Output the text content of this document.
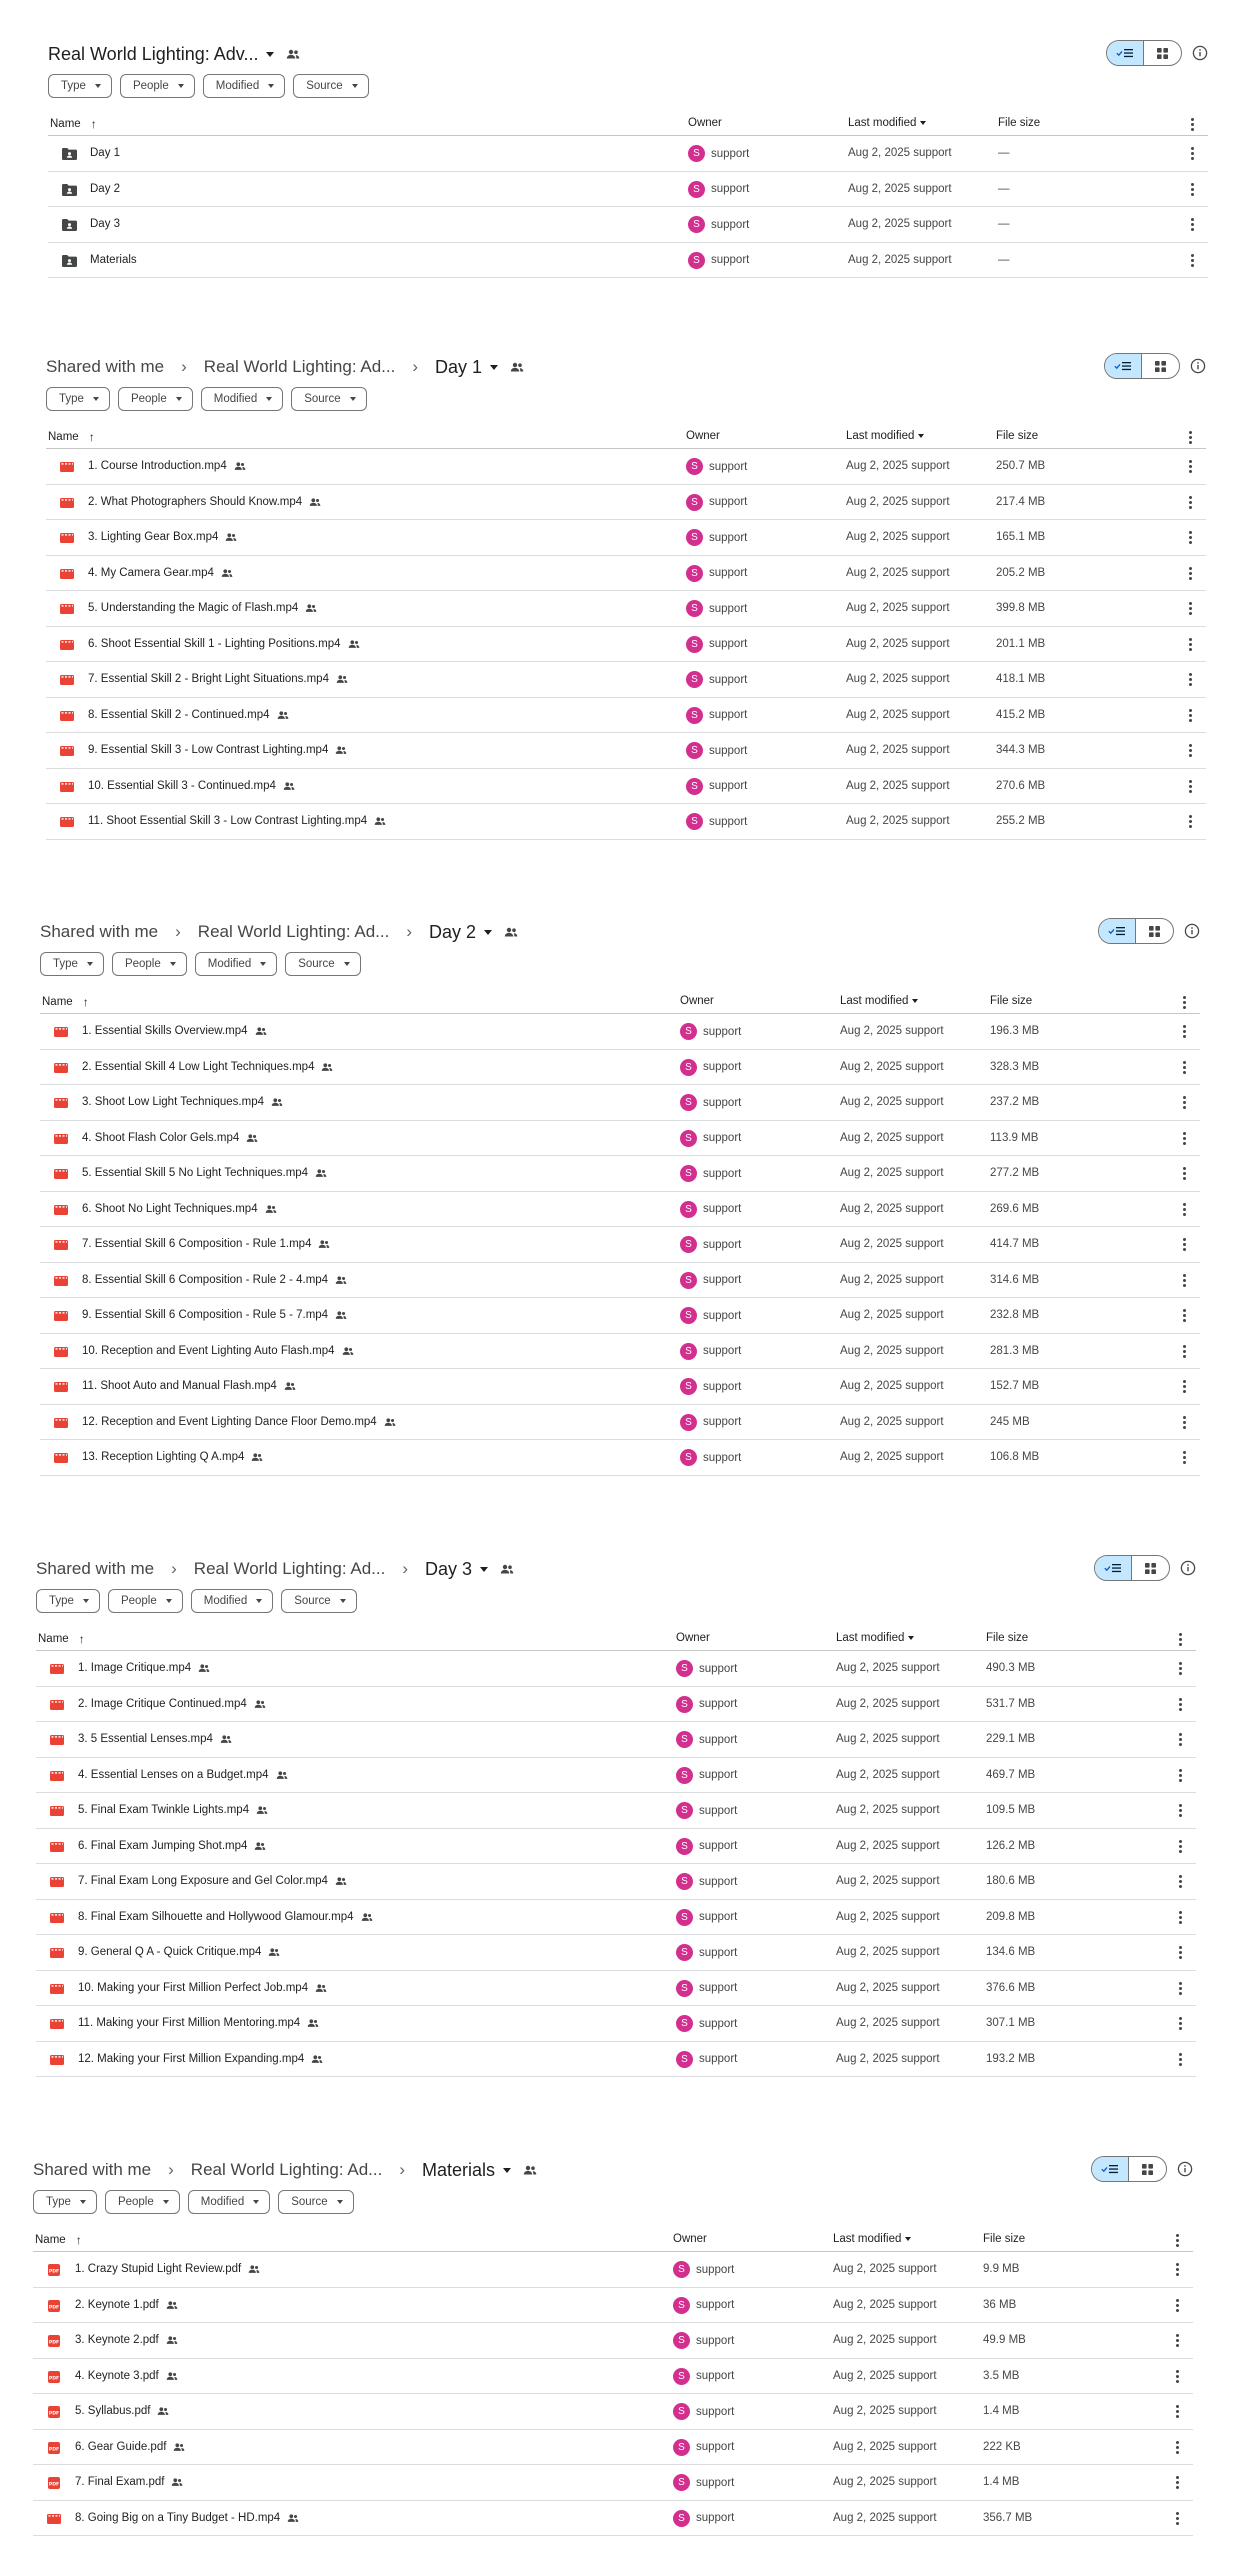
Real World Lighting: Adv...
Type	People	Modified	Source
Name ↑	Owner	Last modified	File size
Day 1	S support	Aug 2, 2025 support	—
Day 2	S support	Aug 2, 2025 support	—
Day 3	S support	Aug 2, 2025 support	—
Materials	S support	Aug 2, 2025 support	—
Shared with me › Real World Lighting: Ad... › Day 1
Type	People	Modified	Source
Name ↑	Owner	Last modified	File size
1. Course Introduction.mp4	S support	Aug 2, 2025 support	250.7 MB
2. What Photographers Should Know.mp4	S support	Aug 2, 2025 support	217.4 MB
3. Lighting Gear Box.mp4	S support	Aug 2, 2025 support	165.1 MB
4. My Camera Gear.mp4	S support	Aug 2, 2025 support	205.2 MB
5. Understanding the Magic of Flash.mp4	S support	Aug 2, 2025 support	399.8 MB
6. Shoot Essential Skill 1 - Lighting Positions.mp4	S support	Aug 2, 2025 support	201.1 MB
7. Essential Skill 2 - Bright Light Situations.mp4	S support	Aug 2, 2025 support	418.1 MB
8. Essential Skill 2 - Continued.mp4	S support	Aug 2, 2025 support	415.2 MB
9. Essential Skill 3 - Low Contrast Lighting.mp4	S support	Aug 2, 2025 support	344.3 MB
10. Essential Skill 3 - Continued.mp4	S support	Aug 2, 2025 support	270.6 MB
11. Shoot Essential Skill 3 - Low Contrast Lighting.mp4	S support	Aug 2, 2025 support	255.2 MB
Shared with me › Real World Lighting: Ad... › Day 2
Type	People	Modified	Source
Name ↑	Owner	Last modified	File size
1. Essential Skills Overview.mp4	S support	Aug 2, 2025 support	196.3 MB
2. Essential Skill 4 Low Light Techniques.mp4	S support	Aug 2, 2025 support	328.3 MB
3. Shoot Low Light Techniques.mp4	S support	Aug 2, 2025 support	237.2 MB
4. Shoot Flash Color Gels.mp4	S support	Aug 2, 2025 support	113.9 MB
5. Essential Skill 5 No Light Techniques.mp4	S support	Aug 2, 2025 support	277.2 MB
6. Shoot No Light Techniques.mp4	S support	Aug 2, 2025 support	269.6 MB
7. Essential Skill 6 Composition - Rule 1.mp4	S support	Aug 2, 2025 support	414.7 MB
8. Essential Skill 6 Composition - Rule 2 - 4.mp4	S support	Aug 2, 2025 support	314.6 MB
9. Essential Skill 6 Composition - Rule 5 - 7.mp4	S support	Aug 2, 2025 support	232.8 MB
10. Reception and Event Lighting Auto Flash.mp4	S support	Aug 2, 2025 support	281.3 MB
11. Shoot Auto and Manual Flash.mp4	S support	Aug 2, 2025 support	152.7 MB
12. Reception and Event Lighting Dance Floor Demo.mp4	S support	Aug 2, 2025 support	245 MB
13. Reception Lighting Q A.mp4	S support	Aug 2, 2025 support	106.8 MB
Shared with me › Real World Lighting: Ad... › Day 3
Type	People	Modified	Source
Name ↑	Owner	Last modified	File size
1. Image Critique.mp4	S support	Aug 2, 2025 support	490.3 MB
2. Image Critique Continued.mp4	S support	Aug 2, 2025 support	531.7 MB
3. 5 Essential Lenses.mp4	S support	Aug 2, 2025 support	229.1 MB
4. Essential Lenses on a Budget.mp4	S support	Aug 2, 2025 support	469.7 MB
5. Final Exam Twinkle Lights.mp4	S support	Aug 2, 2025 support	109.5 MB
6. Final Exam Jumping Shot.mp4	S support	Aug 2, 2025 support	126.2 MB
7. Final Exam Long Exposure and Gel Color.mp4	S support	Aug 2, 2025 support	180.6 MB
8. Final Exam Silhouette and Hollywood Glamour.mp4	S support	Aug 2, 2025 support	209.8 MB
9. General Q A - Quick Critique.mp4	S support	Aug 2, 2025 support	134.6 MB
10. Making your First Million Perfect Job.mp4	S support	Aug 2, 2025 support	376.6 MB
11. Making your First Million Mentoring.mp4	S support	Aug 2, 2025 support	307.1 MB
12. Making your First Million Expanding.mp4	S support	Aug 2, 2025 support	193.2 MB
Shared with me › Real World Lighting: Ad... › Materials
Type	People	Modified	Source
Name ↑	Owner	Last modified	File size
PDF 1. Crazy Stupid Light Review.pdf	S support	Aug 2, 2025 support	9.9 MB
PDF 2. Keynote 1.pdf	S support	Aug 2, 2025 support	36 MB
PDF 3. Keynote 2.pdf	S support	Aug 2, 2025 support	49.9 MB
PDF 4. Keynote 3.pdf	S support	Aug 2, 2025 support	3.5 MB
PDF 5. Syllabus.pdf	S support	Aug 2, 2025 support	1.4 MB
PDF 6. Gear Guide.pdf	S support	Aug 2, 2025 support	222 KB
PDF 7. Final Exam.pdf	S support	Aug 2, 2025 support	1.4 MB
8. Going Big on a Tiny Budget - HD.mp4	S support	Aug 2, 2025 support	356.7 MB
